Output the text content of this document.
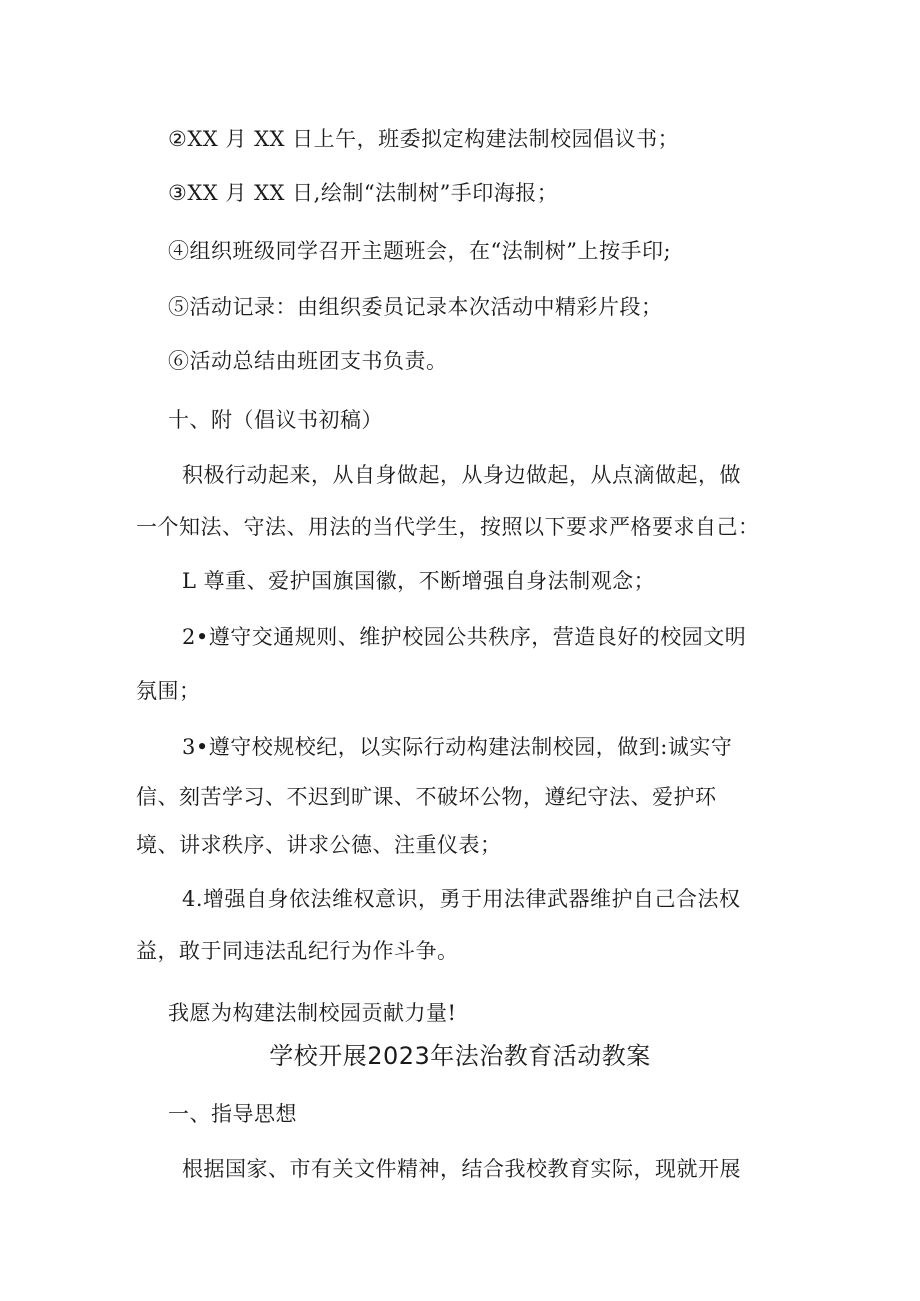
②XX 月 XX 日上午，班委拟定构建法制校园倡议书；
③XX 月 XX 日,绘制“法制树”手印海报；
④组织班级同学召开主题班会，在“法制树”上按手印;
⑤活动记录：由组织委员记录本次活动中精彩片段；
⑥活动总结由班团支书负责。
十、附（倡议书初稿）
积极行动起来，从自身做起，从身边做起，从点滴做起，做
一个知法、守法、用法的当代学生，按照以下要求严格要求自己：
L 尊重、爱护国旗国徽，不断增强自身法制观念；
2•遵守交通规则、维护校园公共秩序，营造良好的校园文明
氛围；
3•遵守校规校纪，以实际行动构建法制校园，做到:诚实守
信、刻苦学习、不迟到旷课、不破坏公物，遵纪守法、爱护环
境、讲求秩序、讲求公德、注重仪表；
4.增强自身依法维权意识，勇于用法律武器维护自己合法权
益，敢于同违法乱纪行为作斗争。
我愿为构建法制校园贡献力量!
学校开展2023年法治教育活动教案
一、指导思想
根据国家、市有关文件精神，结合我校教育实际，现就开展
